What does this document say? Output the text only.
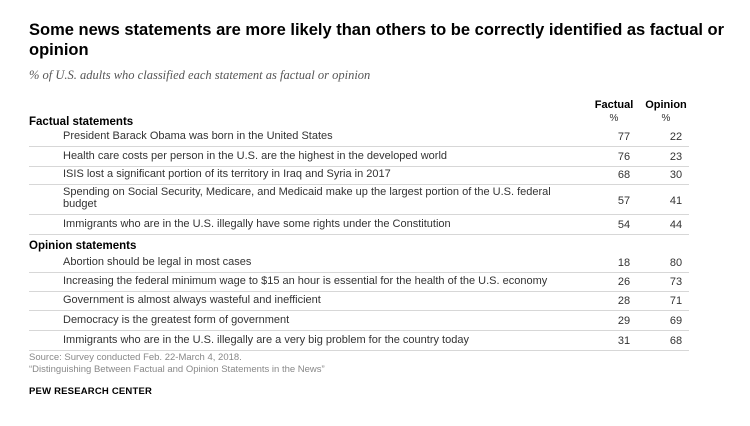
Some news statements are more likely than others to be correctly identified as factual or opinion
% of U.S. adults who classified each statement as factual or opinion
Factual
%
Opinion
%
Factual statements
President Barack Obama was born in the United States	77	22
Health care costs per person in the U.S. are the highest in the developed world	76	23
ISIS lost a significant portion of its territory in Iraq and Syria in 2017	68	30
Spending on Social Security, Medicare, and Medicaid make up the largest portion of the U.S. federal budget	57	41
Immigrants who are in the U.S. illegally have some rights under the Constitution	54	44
Opinion statements
Abortion should be legal in most cases	18	80
Increasing the federal minimum wage to $15 an hour is essential for the health of the U.S. economy	26	73
Government is almost always wasteful and inefficient	28	71
Democracy is the greatest form of government	29	69
Immigrants who are in the U.S. illegally are a very big problem for the country today	31	68
Source: Survey conducted Feb. 22-March 4, 2018.
“Distinguishing Between Factual and Opinion Statements in the News”
PEW RESEARCH CENTER
